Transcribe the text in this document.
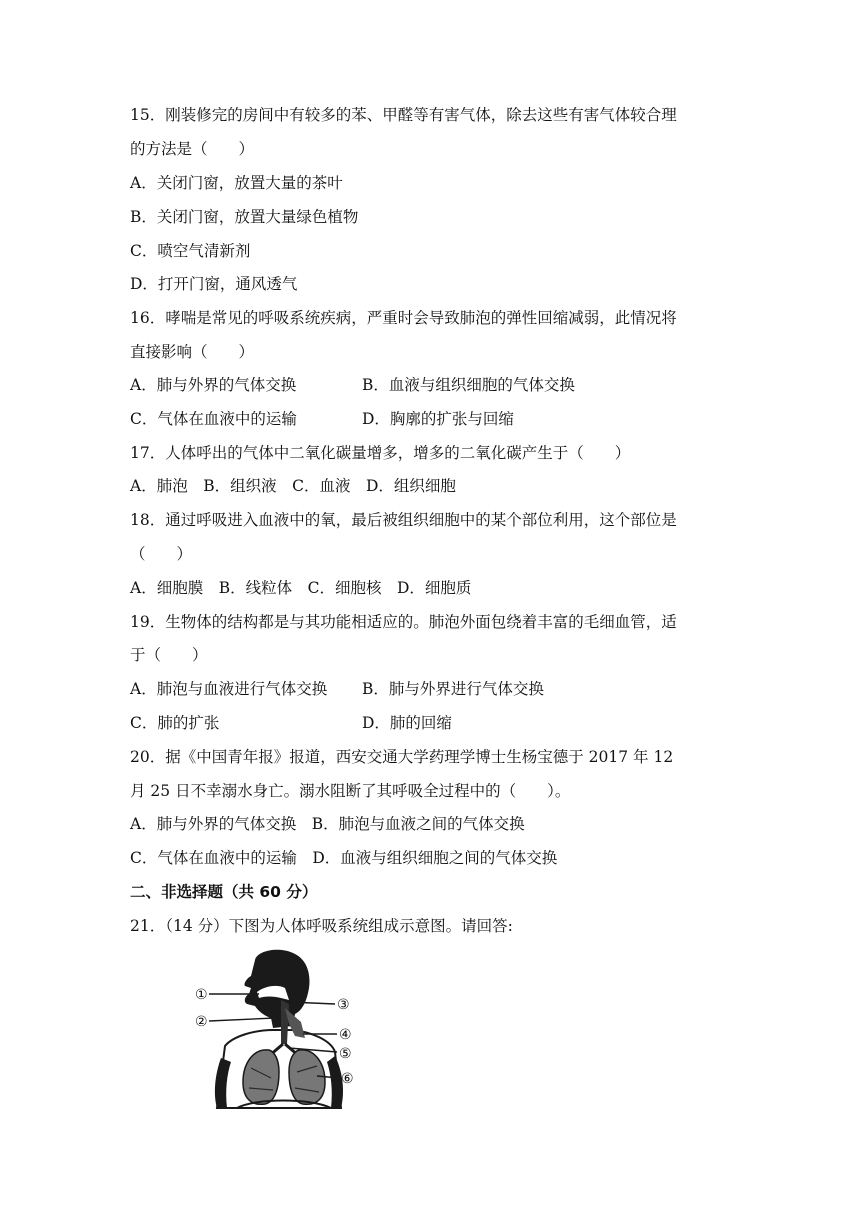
15．刚装修完的房间中有较多的苯、甲醛等有害气体，除去这些有害气体较合理
的方法是（　　）
A．关闭门窗，放置大量的茶叶
B．关闭门窗，放置大量绿色植物
C．喷空气清新剂
D．打开门窗，通风透气
16．哮喘是常见的呼吸系统疾病，严重时会导致肺泡的弹性回缩减弱，此情况将
直接影响（　　）
A．肺与外界的气体交换	B．血液与组织细胞的气体交换
C．气体在血液中的运输	D．胸廓的扩张与回缩
17．人体呼出的气体中二氧化碳量增多，增多的二氧化碳产生于（　　）
A．肺泡　B．组织液　C．血液　D．组织细胞
18．通过呼吸进入血液中的氧，最后被组织细胞中的某个部位利用，这个部位是
（　　）
A．细胞膜　B．线粒体　C．细胞核　D．细胞质
19．生物体的结构都是与其功能相适应的。肺泡外面包绕着丰富的毛细血管，适
于（　　）
A．肺泡与血液进行气体交换 B．肺与外界进行气体交换
C．肺的扩张	D．肺的回缩
20．据《中国青年报》报道，西安交通大学药理学博士生杨宝德于 2017 年 12
月 25 日不幸溺水身亡。溺水阻断了其呼吸全过程中的（　　）。
A．肺与外界的气体交换　B．肺泡与血液之间的气体交换
C．气体在血液中的运输　D．血液与组织细胞之间的气体交换
二、非选择题（共 60 分）
21．（14 分）下图为人体呼吸系统组成示意图。请回答:
①
②
③
④
⑤
⑥
